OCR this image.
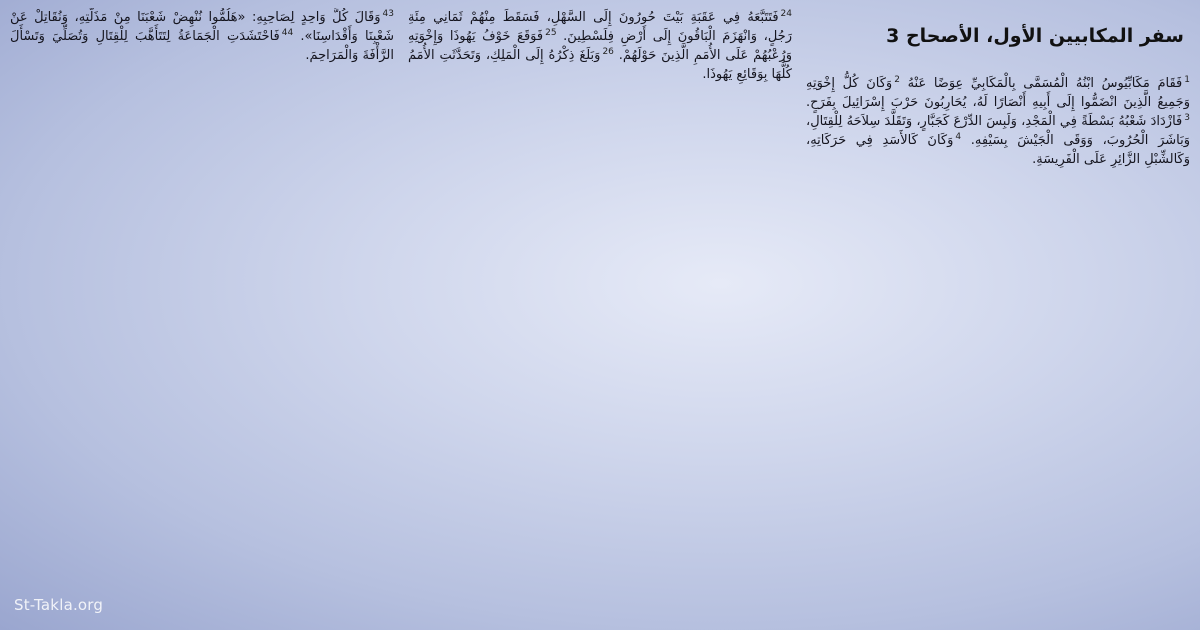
سفر المكابيين الأول، الأصحاح 3
$^1$فَقَامَ مَكَابِّيُوسُ ابْنُهُ الْمُسَمَّى بِالْمَكَابِيِّ عِوَضًا عَنْهُ $^2$وَكَانَ كُلُّ إِخْوَتِهِ وَجَمِيعُ الَّذِينَ انْضَمُّوا إِلَى أَبِيهِ أَنْصَارًا لَهُ، يُحَارِبُونَ حَرْبَ إِسْرَائِيلَ بِفَرَحٍ. $^3$فَازْدَادَ شَعْبُهُ بَسْطَةً فِي الْمَجْدِ، وَلَبِسَ الدِّرْعَ كَجَبَّارٍ، وَتَقَلَّدَ سِلاَحَهُ لِلْقِتَالِ، وَبَاشَرَ الْحُرُوبَ، وَوَقَى الْجَيْشَ بِسَيْفِهِ. $^4$وَكَانَ كَالأَسَدِ فِي حَرَكَاتِهِ، وَكَالشِّبْلِ الزَّائِرِ عَلَى الْفَرِيسَةِ.
$^{24}$فَتَتَبَّعَهُ فِي عَقَبَةِ بَيْتَ حُورُونَ إِلَى السَّهْلِ، فَسَقَطَ مِنْهُمْ ثَمَانِي مِئَةِ رَجُلٍ، وَانْهَزَمَ الْبَاقُونَ إِلَى أَرْضِ فِلَسْطِينَ. $^{25}$فَوَقَعَ خَوْفُ يَهُوذَا وَإِخْوَتِهِ وَرُعْبُهُمْ عَلَى الأُمَمِ الَّذِينَ حَوْلَهُمْ. $^{26}$وَبَلَغَ ذِكْرُهُ إِلَى الْمَلِكِ، وَتَحَدَّثَتِ الأُمَمُ كُلُّهَا بِوَقَائِعِ يَهُوذَا.
$^{43}$وَقَالَ كُلُّ وَاحِدٍ لِصَاحِبِهِ: «هَلُمُّوا نُنْهِضْ شَعْبَنَا مِنْ مَذَلَّتِهِ، وَنُقَاتِلْ عَنْ شَعْبِنَا وَأَقْدَاسِنَا». $^{44}$فَاحْتَشَدَتِ الْجَمَاعَةُ لِتَتَأَهَّبَ لِلْقِتَالِ وَتُصَلِّيَ وَتَسْأَلَ الرَّأْفَةَ وَالْمَرَاحِمَ.
St-Takla.org
